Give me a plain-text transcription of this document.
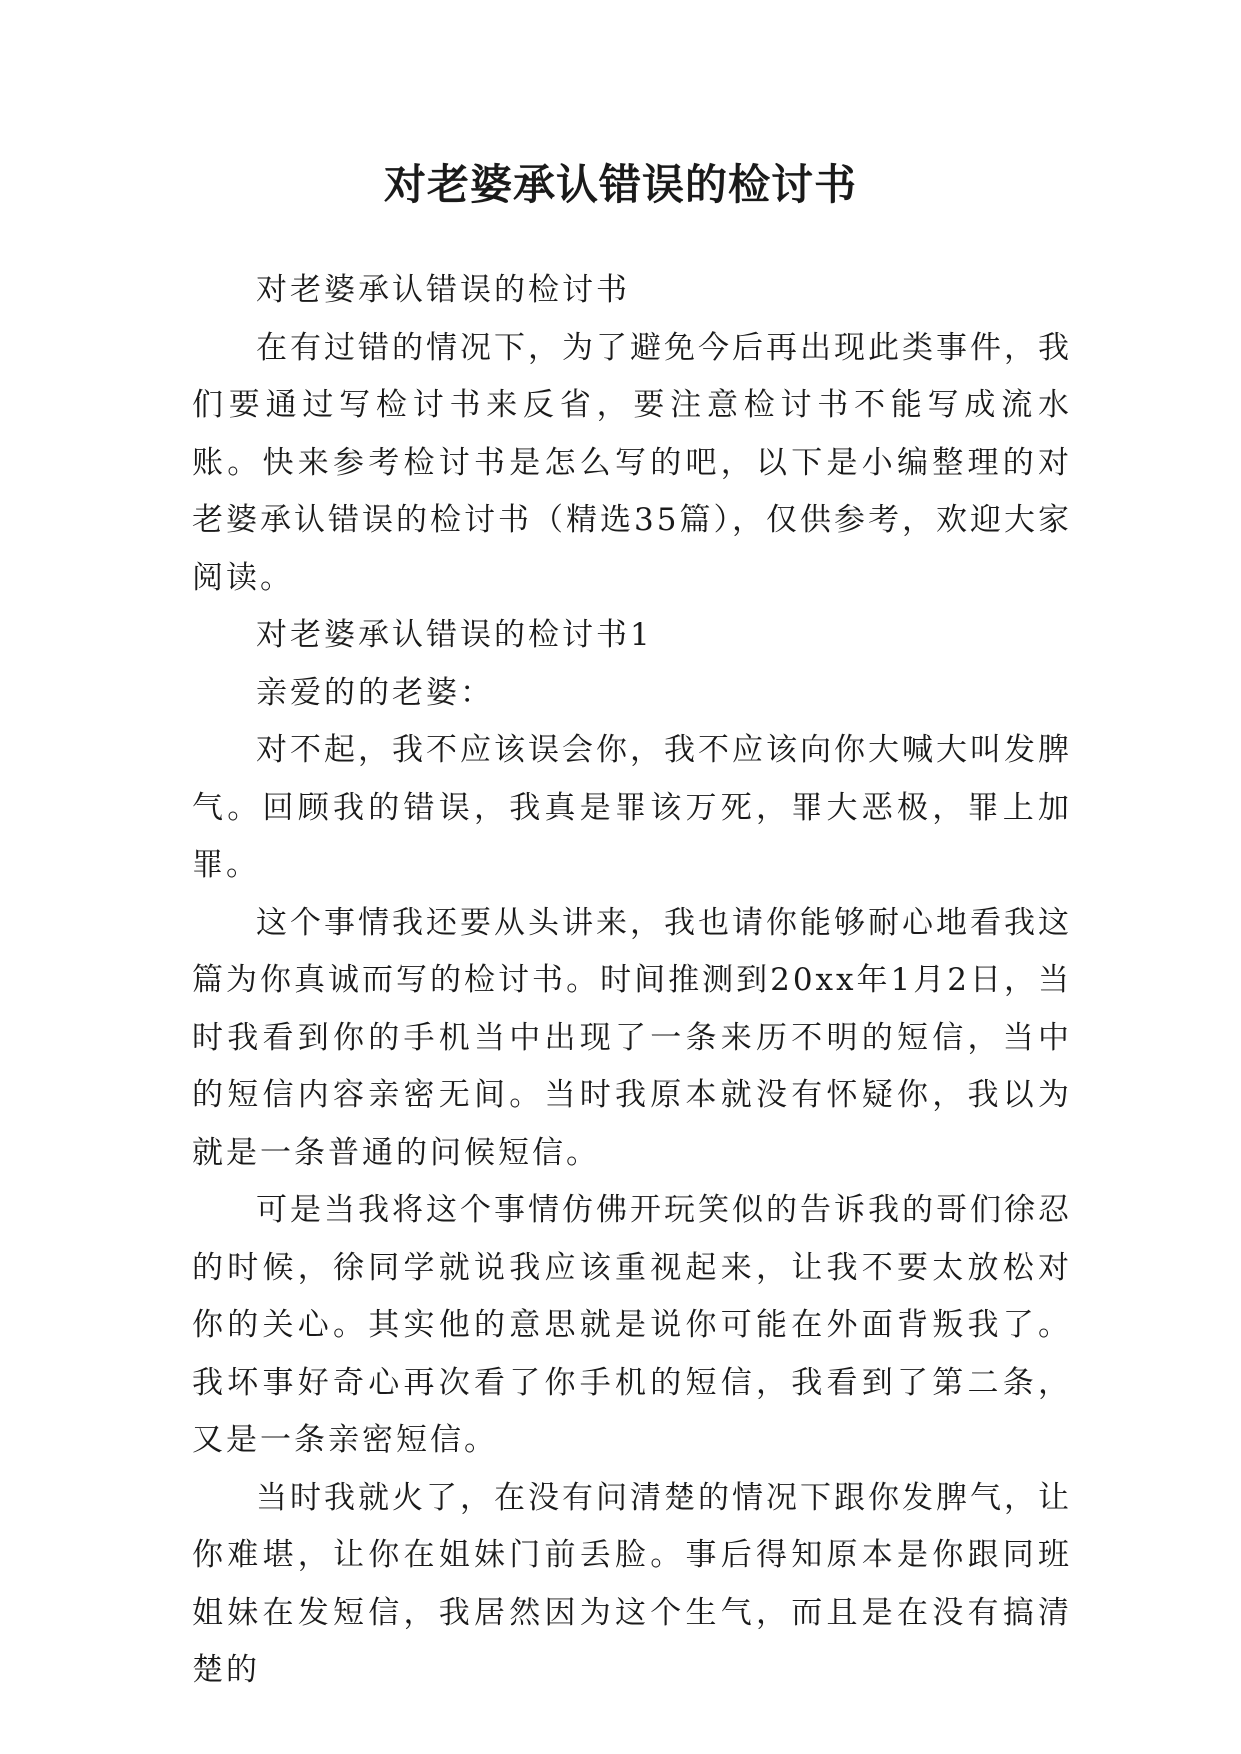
对老婆承认错误的检讨书

对老婆承认错误的检讨书

在有过错的情况下，为了避免今后再出现此类事件，我们要通过写检讨书来反省，要注意检讨书不能写成流水账。快来参考检讨书是怎么写的吧，以下是小编整理的对老婆承认错误的检讨书（精选35篇），仅供参考，欢迎大家阅读。

对老婆承认错误的检讨书1

亲爱的的老婆：

对不起，我不应该误会你，我不应该向你大喊大叫发脾气。回顾我的错误，我真是罪该万死，罪大恶极，罪上加罪。

这个事情我还要从头讲来，我也请你能够耐心地看我这篇为你真诚而写的检讨书。时间推测到20xx年1月2日，当时我看到你的手机当中出现了一条来历不明的短信，当中的短信内容亲密无间。当时我原本就没有怀疑你，我以为就是一条普通的问候短信。

可是当我将这个事情仿佛开玩笑似的告诉我的哥们徐忍的时候，徐同学就说我应该重视起来，让我不要太放松对你的关心。其实他的意思就是说你可能在外面背叛我了。我坏事好奇心再次看了你手机的短信，我看到了第二条，又是一条亲密短信。

当时我就火了，在没有问清楚的情况下跟你发脾气，让你难堪，让你在姐妹门前丢脸。事后得知原本是你跟同班姐妹在发短信，我居然因为这个生气，而且是在没有搞清楚的
